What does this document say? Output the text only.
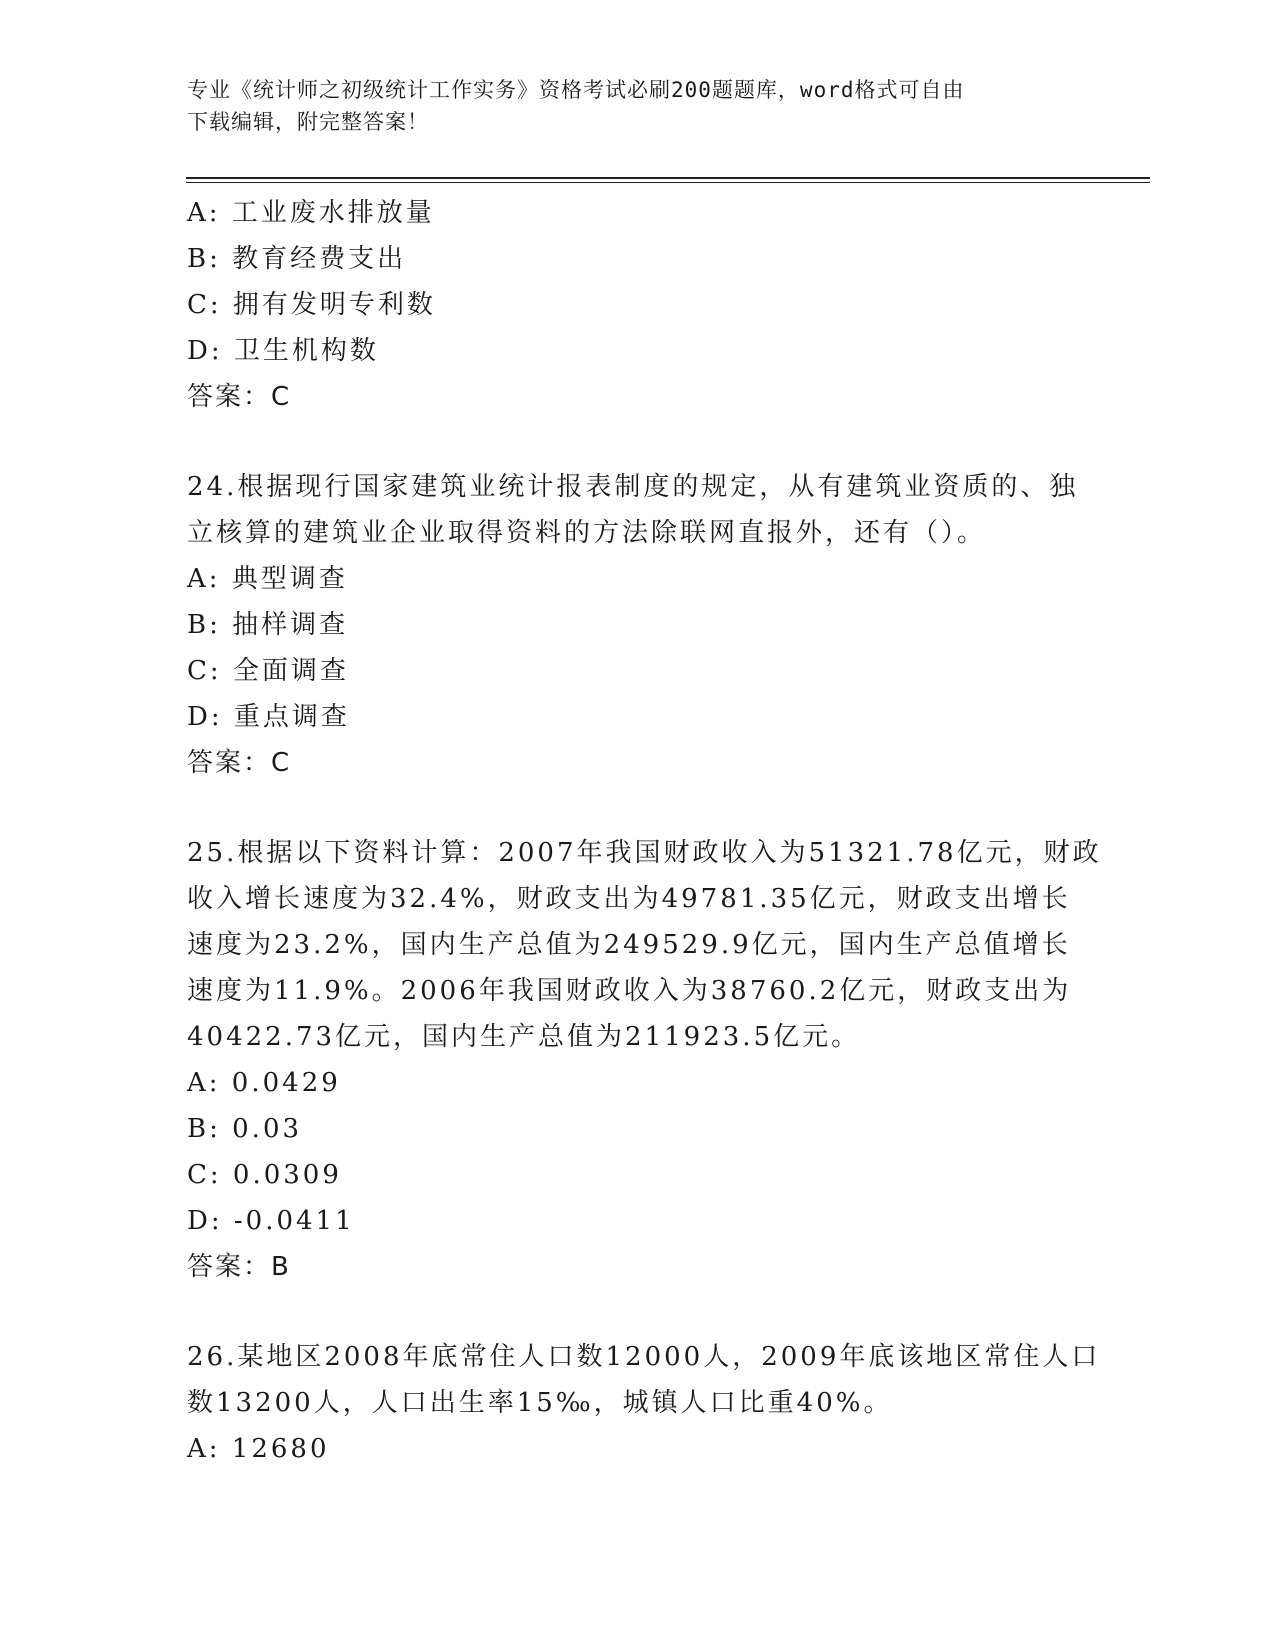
专业《统计师之初级统计工作实务》资格考试必刷200题题库，word格式可自由
下载编辑，附完整答案！
A: 工业废水排放量
B: 教育经费支出
C: 拥有发明专利数
D: 卫生机构数
答案：C
24.根据现行国家建筑业统计报表制度的规定，从有建筑业资质的、独
立核算的建筑业企业取得资料的方法除联网直报外，还有（）。
A: 典型调查
B: 抽样调查
C: 全面调查
D: 重点调查
答案：C
25.根据以下资料计算：2007年我国财政收入为51321.78亿元，财政
收入增长速度为32.4%，财政支出为49781.35亿元，财政支出增长
速度为23.2%，国内生产总值为249529.9亿元，国内生产总值增长
速度为11.9%。2006年我国财政收入为38760.2亿元，财政支出为
40422.73亿元，国内生产总值为211923.5亿元。
A: 0.0429
B: 0.03
C: 0.0309
D: -0.0411
答案：B
26.某地区2008年底常住人口数12000人，2009年底该地区常住人口
数13200人，人口出生率15‰，城镇人口比重40%。
A: 12680
